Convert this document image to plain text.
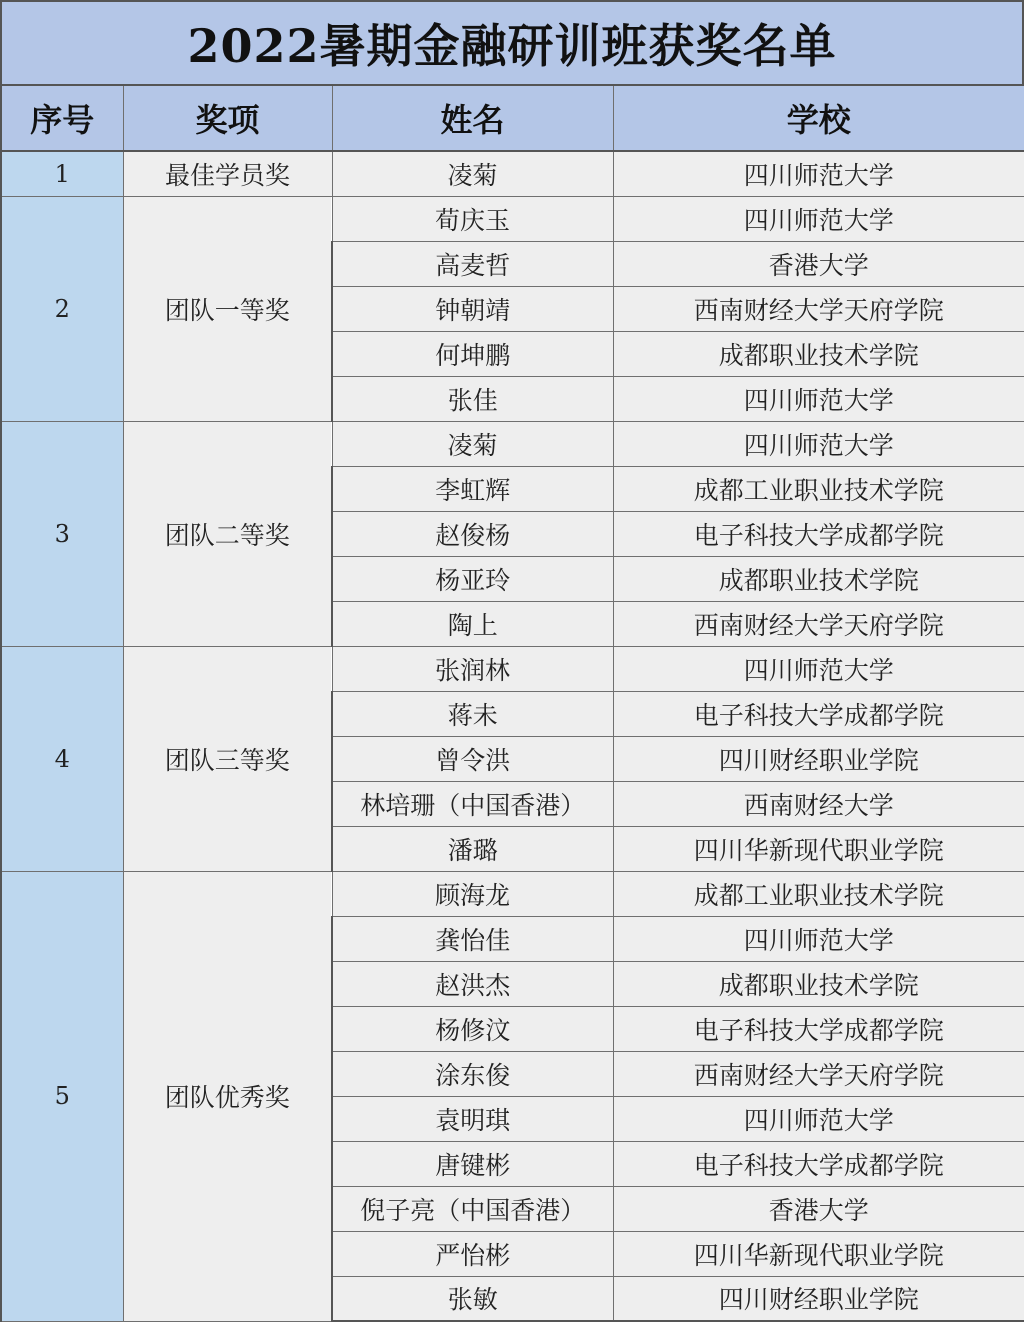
2022暑期金融研训班获奖名单
序号	奖项	姓名	学校
1	最佳学员奖	凌菊	四川师范大学
2	团队一等奖	荀庆玉	四川师范大学
		高麦哲	香港大学
		钟朝靖	西南财经大学天府学院
		何坤鹏	成都职业技术学院
		张佳	四川师范大学
3	团队二等奖	凌菊	四川师范大学
		李虹辉	成都工业职业技术学院
		赵俊杨	电子科技大学成都学院
		杨亚玲	成都职业技术学院
		陶上	西南财经大学天府学院
4	团队三等奖	张润林	四川师范大学
		蒋未	电子科技大学成都学院
		曾令洪	四川财经职业学院
		林培珊（中国香港）	西南财经大学
		潘璐	四川华新现代职业学院
5	团队优秀奖	顾海龙	成都工业职业技术学院
		龚怡佳	四川师范大学
		赵洪杰	成都职业技术学院
		杨修汶	电子科技大学成都学院
		涂东俊	西南财经大学天府学院
		袁明琪	四川师范大学
		唐键彬	电子科技大学成都学院
		倪子亮（中国香港）	香港大学
		严怡彬	四川华新现代职业学院
		张敏	四川财经职业学院
